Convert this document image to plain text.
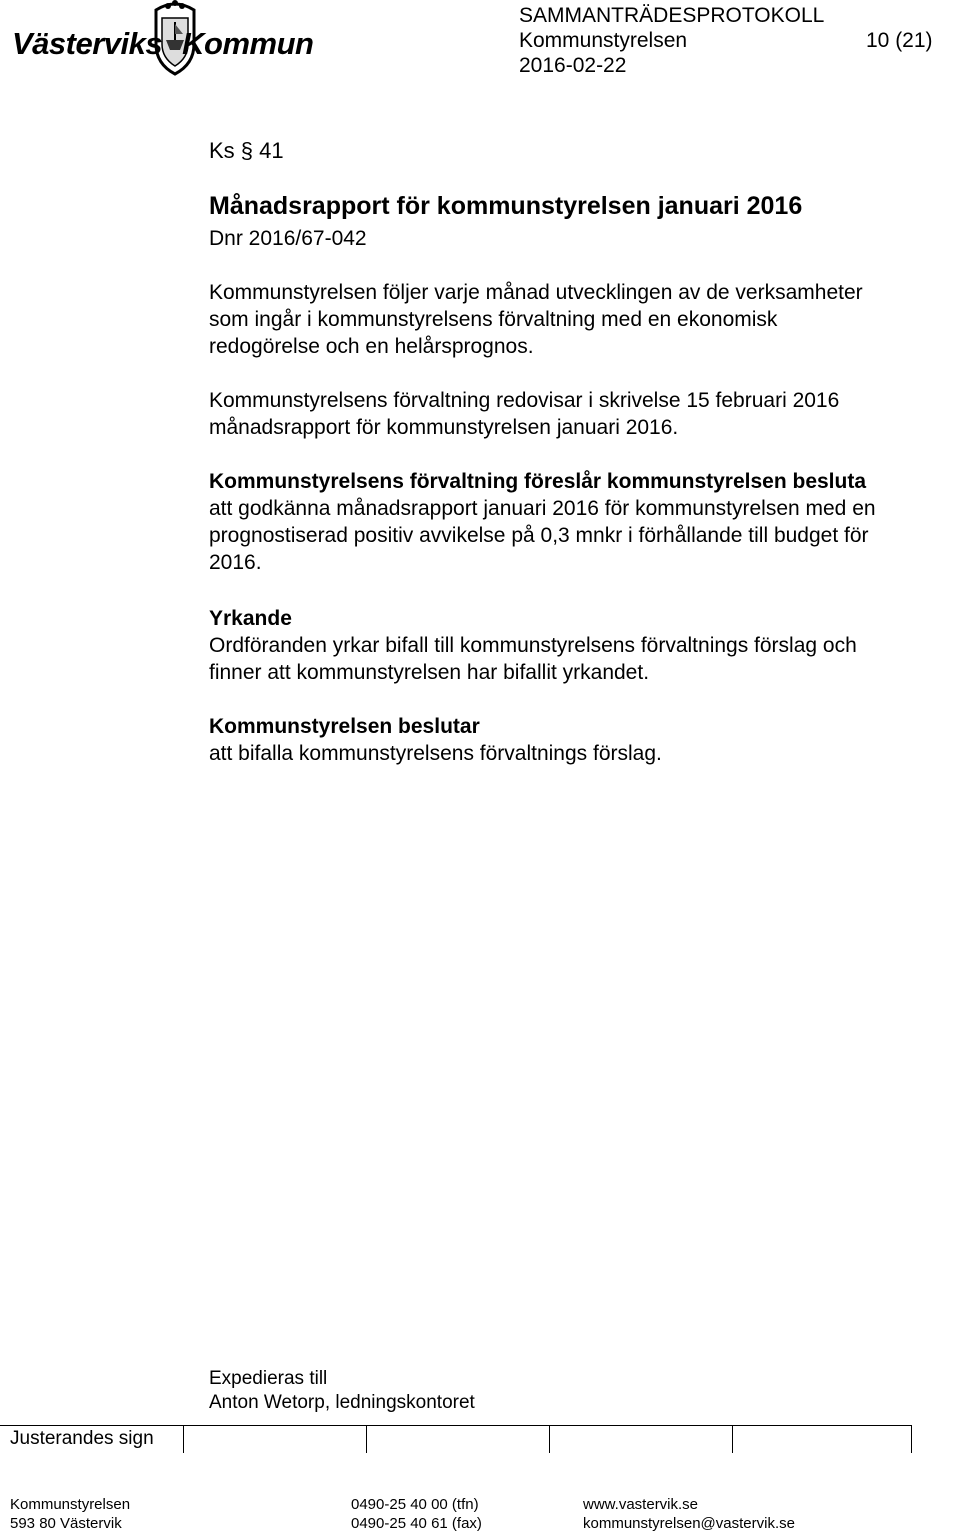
Västerviks Kommun
SAMMANTRÄDESPROTOKOLL
Kommunstyrelsen	10 (21)
2016-02-22
Ks § 41
Månadsrapport för kommunstyrelsen januari 2016
Dnr 2016/67-042
Kommunstyrelsen följer varje månad utvecklingen av de verksamheter
som ingår i kommunstyrelsens förvaltning med en ekonomisk
redogörelse och en helårsprognos.
Kommunstyrelsens förvaltning redovisar i skrivelse 15 februari 2016
månadsrapport för kommunstyrelsen januari 2016.
Kommunstyrelsens förvaltning föreslår kommunstyrelsen besluta
att godkänna månadsrapport januari 2016 för kommunstyrelsen med en
prognostiserad positiv avvikelse på 0,3 mnkr i förhållande till budget för
2016.
Yrkande
Ordföranden yrkar bifall till kommunstyrelsens förvaltnings förslag och
finner att kommunstyrelsen har bifallit yrkandet.
Kommunstyrelsen beslutar
att bifalla kommunstyrelsens förvaltnings förslag.
Expedieras till
Anton Wetorp, ledningskontoret
Justerandes sign
Kommunstyrelsen
593 80 Västervik
0490-25 40 00 (tfn)
0490-25 40 61 (fax)
www.vastervik.se
kommunstyrelsen@vastervik.se
